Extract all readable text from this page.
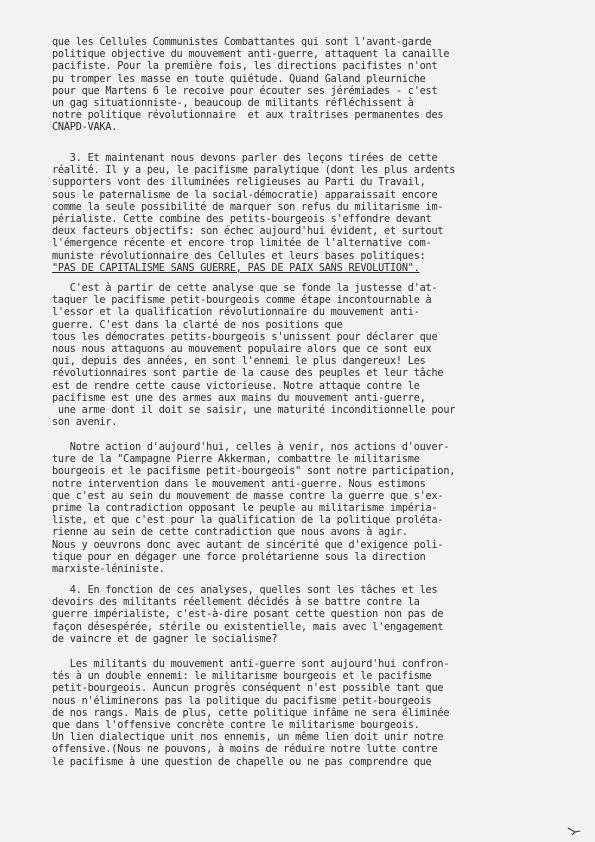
que les Cellules Communistes Combattantes qui sont l'avant-garde
politique objective du mouvement anti-guerre, attaquent la canaille
pacifiste. Pour la première fois, les directions pacifistes n'ont
pu tromper les masse en toute quiétude. Quand Galand pleurniche
pour que Martens 6 le recoive pour écouter ses jérémiades - c'est
un gag situationniste-, beaucoup de militants réfléchissent à
notre politique révolutionnaire  et aux traîtrises permanentes des
CNAPD-VAKA.
3. Et maintenant nous devons parler des leçons tirées de cette
réalité. Il y a peu, le pacifisme paralytique (dont les plus ardents
supporters vont des illuminées religieuses au Parti du Travail,
sous le paternalisme de la social-démocratie) apparaissait encore
comme la seule possibilité de marquer son refus du militarisme im-
périaliste. Cette combine des petits-bourgeois s'effondre devant
deux facteurs objectifs: son échec aujourd'hui évident, et surtout
l'émergence récente et encore trop limitée de l'alternative com-
muniste révolutionnaire des Cellules et leurs bases politiques:
"PAS DE CAPITALISME SANS GUERRE, PAS DE PAIX SANS REVOLUTION".
C'est à partir de cette analyse que se fonde la justesse d'at-
taquer le pacifisme petit-bourgeois comme étape incontournable à
l'essor et la qualification révolutionnaire du mouvement anti-
guerre. C'est dans la clarté de nos positions que
tous les démocrates petits-bourgeois s'unissent pour déclarer que
nous nous attaquons au mouvement populaire alors que ce sont eux
qui, depuis des années, en sont l'ennemi le plus dangereux! Les
révolutionnaires sont partie de la cause des peuples et leur tâche
est de rendre cette cause victorieuse. Notre attaque contre le
pacifisme est une des armes aux mains du mouvement anti-guerre,
une arme dont il doit se saisir, une maturité inconditionnelle pour
son avenir.
Notre action d'aujourd'hui, celles à venir, nos actions d'ouver-
ture de la "Campagne Pierre Akkerman, combattre le militarisme
bourgeois et le pacifisme petit-bourgeois" sont notre participation,
notre intervention dans le mouvement anti-guerre. Nous estimons
que c'est au sein du mouvement de masse contre la guerre que s'ex-
prime la contradiction opposant le peuple au militarisme impéria-
liste, et que c'est pour la qualification de la politique proléta-
rienne au sein de cette contradiction que nous avons à agir.
Nous y oeuvrons donc avec autant de sincérité que d'exigence poli-
tique pour en dégager une force prolétarienne sous la direction
marxiste-léniniste.
4. En fonction de ces analyses, quelles sont les tâches et les
devoirs des militants réellement décidés à se battre contre la
guerre impérialiste, c'est-à-dire posant cette question non pas de
façon désespérée, stérile ou existentielle, mais avec l'engagement
de vaincre et de gagner le socialisme?
Les militants du mouvement anti-guerre sont aujourd'hui confron-
tés à un double ennemi: le militarisme bourgeois et le pacifisme
petit-bourgeois. Auncun progrès conséquent n'est possible tant que
nous n'éliminerons pas la politique du pacifisme petit-bourgeois
de nos rangs. Mais de plus, cette politique infâme ne sera éliminée
que dans l'offensive concrète contre le militarisme bourgeois.
Un lien dialectique unit nos ennemis, un même lien doit unir notre
offensive.(Nous ne pouvons, à moins de réduire notre lutte contre
le pacifisme à une question de chapelle ou ne pas comprendre que
